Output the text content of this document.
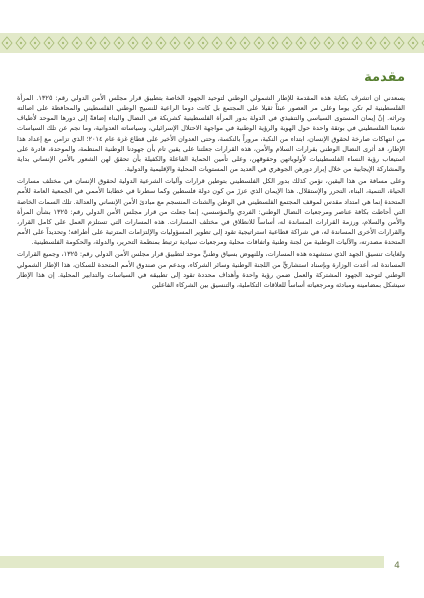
مقدمة

يسعدني ان اتشرف بكتابة هذه المقدمة للإطار الشمولي الوطني لتوحيد الجهود الخاصة بتطبيق قرار مجلس الأمن الدولي رقم: ١٣٢٥. المرأة الفلسطينية لم تكن يوما وعلى مر العصور عبئاً ثقيلا على المجتمع بل كانت دوما الراعية للنسيج الوطني الفلسطيني والمحافظة على اصالته وتراثه. إنّ إيمان المستوى السياسي والتنفيذي في الدولة بدور المرأة الفلسطينية كشريكة في النضال والبناء إضافةً إلى دورها الموحد لأطياف شعبنا الفلسطيني في بوتقة واحدة حول الهوية والرؤية الوطنية في مواجهة الاحتلال الإسرائيلي، وسياساته العدوانية، وما نجم عن تلك السياسات من انتهاكات صارخة لحقوق الإنسان، ابتداء من النكبة، مروراً بالنكسة، وحتى العدوان الأخير على قطاع غزة عام ٢٠١٤؛ الذي تزامن مع إعداد هذا الإطار، قد أثرى النضال الوطني بقرارات السلام والأمن، هذه القرارات جعلتنا على يقين تام بأن جهودنا الوطنية المنظمة، والموحدة، قادرة على استيعاب رؤية النساء الفلسطينيات لأولوياتهن وحقوقهن، وعلى تأمين الحماية الفاعلة والكفيلة بأن تحقق لهن الشعور بالأمن الإنساني بداية والمشاركة الإيجابية من خلال إبراز دورهن الجوهري في العديد من المستويات المحلية والإقليمية والدولية.

وعلى مسافة من هذا اليقين، نؤمن كذلك بدور الكل الفلسطيني بتوطين قرارات وآليات الشرعية الدولية لحقوق الإنسان في مختلف مسارات الحياة، التنمية، البناء، التحرر والإستقلال. هذا الإيمان الذي عززَ من كون دولة فلسطين وكما سطرنا في خطابنا الأممي في الجمعية العامة للأمم المتحدة إنما هي امتداد مقدس لموقف المجتمع الفلسطيني في الوطن والشتات المنسجم مع مبادئ الأمن الإنساني والعدالة. تلك السمات الخاصة التي أحاطت بكافة عناصر ومرجعيات النضال الوطني: الفردي والمؤسسي، إنما جعلت من قرار مجلس الأمن الدولي رقم: ١٣٢٥ بشأن المرأة والأمن والسلام، ورزمة القرارات المساندة له، أساساً للانطلاق في مختلف المسارات. هذه المسارات التي تستلزم العمل على كامل القرار، والقرارات الأخرى المساندة له، في شراكة قطاعية استراتيجية تقود إلى تطوير المسؤوليات والإلتزامات المترتبة على أطرافه؛ وتحديداً على الأمم المتحدة مصدرته، والآليات الوطنية من لجنة وطنية واتفاقات محلية ومرجعيات سيادية ترتبط بمنظمة التحرير، والدولة، والحكومة الفلسطينية.

ولغايات تنسيق الجهد الذي ستشهده هذه المسارات، وللنهوض بسياق وطنيٍّ موحد لتطبيق قرار مجلس الأمن الدولي رقم: ١٣٢٥، وجميع القرارات المساندة له، أعدت الوزارة وبإسناد استشاريٍّ من اللجنة الوطنية وسائر الشركاء، وبدعم من صندوق الأمم المتحدة للسكان، هذا الإطار الشمولي الوطني لتوحيد الجهود المشتركة والعمل ضمن رؤية واحدة وأهداف محددة تقود إلى تطبيقه في السياسات والتدابير المحلية. إن هذا الإطار سيشكل بمضامينه ومبادئه ومرجعياته أساساً للعلاقات التكاملية، والتنسيق بين الشركاء الفاعلين

4
